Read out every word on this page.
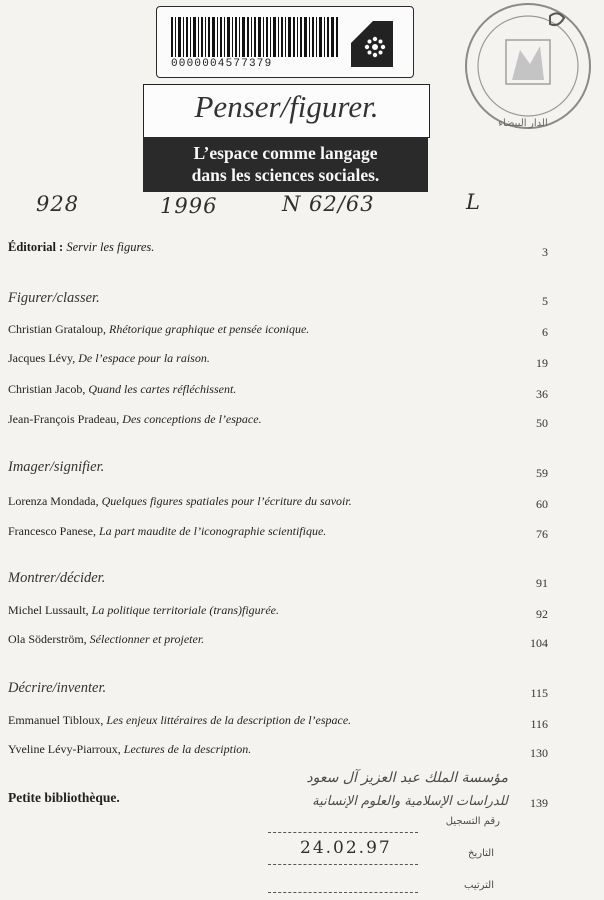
0000004577379
الدار البيضاء
Penser/figurer.
L’espace comme langage
dans les sciences sociales.
928	1996	N 62/63	L
Éditorial : Servir les figures.	3
Figurer/classer.	5
Christian Grataloup, Rhétorique graphique et pensée iconique.	6
Jacques Lévy, De l’espace pour la raison.	19
Christian Jacob, Quand les cartes réfléchissent.	36
Jean-François Pradeau, Des conceptions de l’espace.	50
Imager/signifier.	59
Lorenza Mondada, Quelques figures spatiales pour l’écriture du savoir.	60
Francesco Panese, La part maudite de l’iconographie scientifique.	76
Montrer/décider.	91
Michel Lussault, La politique territoriale (trans)figurée.	92
Ola Söderström, Sélectionner et projeter.	104
Décrire/inventer.	115
Emmanuel Tibloux, Les enjeux littéraires de la description de l’espace.	116
Yveline Lévy-Piarroux, Lectures de la description.	130
Petite bibliothèque.	139
مؤسسة الملك عبد العزيز آل سعود
للدراسات الإسلامية والعلوم الإنسانية
رقم التسجيل
24.02.97	التاريخ
الترتيب
